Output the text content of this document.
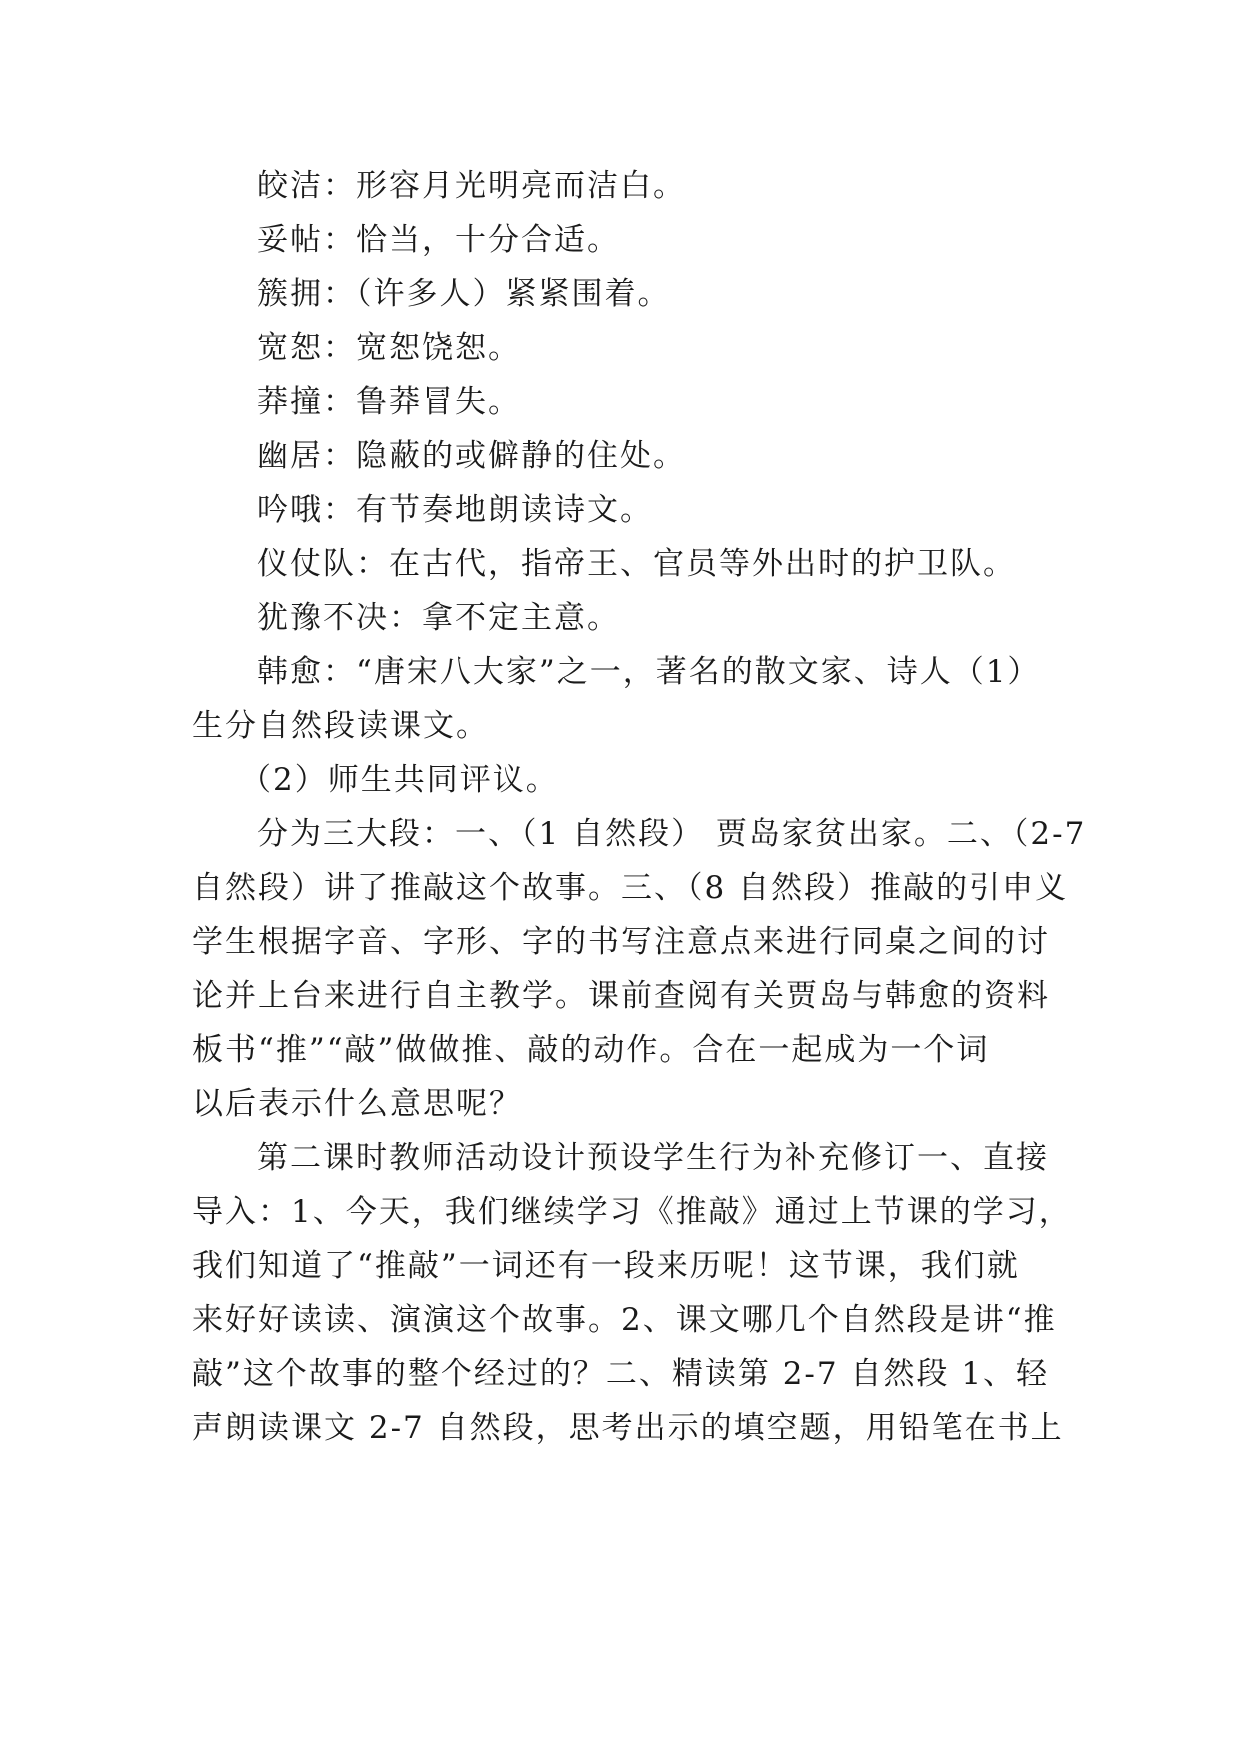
皎洁：形容月光明亮而洁白。
妥帖：恰当，十分合适。
簇拥：（许多人）紧紧围着。
宽恕：宽恕饶恕。
莽撞：鲁莽冒失。
幽居：隐蔽的或僻静的住处。
吟哦：有节奏地朗读诗文。
仪仗队：在古代，指帝王、官员等外出时的护卫队。
犹豫不决：拿不定主意。
韩愈：“唐宋八大家”之一，著名的散文家、诗人（1）
生分自然段读课文。
（2）师生共同评议。
分为三大段：一、（1 自然段） 贾岛家贫出家。二、（2-7
自然段）讲了推敲这个故事。三、（8 自然段）推敲的引申义
学生根据字音、字形、字的书写注意点来进行同桌之间的讨
论并上台来进行自主教学。课前查阅有关贾岛与韩愈的资料
板书“推”“敲”做做推、敲的动作。合在一起成为一个词
以后表示什么意思呢？
第二课时教师活动设计预设学生行为补充修订一、直接
导入：1、今天，我们继续学习《推敲》通过上节课的学习，
我们知道了“推敲”一词还有一段来历呢！这节课，我们就
来好好读读、演演这个故事。2、课文哪几个自然段是讲“推
敲”这个故事的整个经过的？二、精读第 2-7 自然段 1、轻
声朗读课文 2-7 自然段，思考出示的填空题，用铅笔在书上
